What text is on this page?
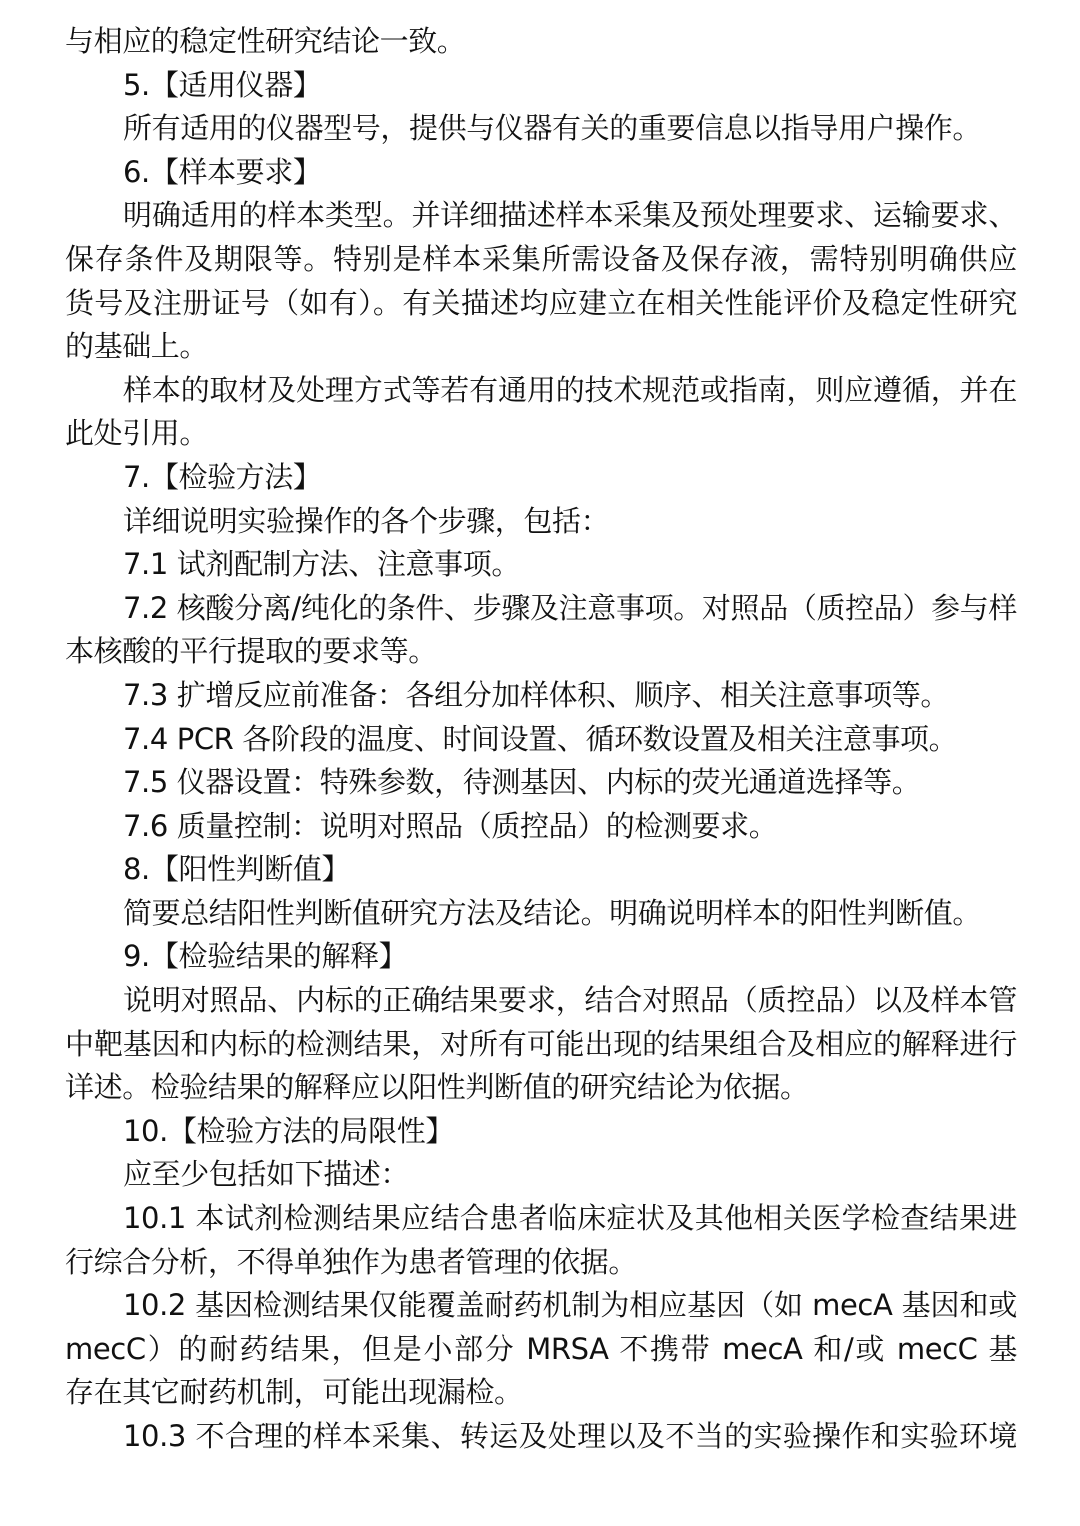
与相应的稳定性研究结论一致。
5.【适用仪器】
所有适用的仪器型号，提供与仪器有关的重要信息以指导用户操作。
6.【样本要求】
明确适用的样本类型。并详细描述样本采集及预处理要求、运输要求、
保存条件及期限等。特别是样本采集所需设备及保存液，需特别明确供应
货号及注册证号（如有）。有关描述均应建立在相关性能评价及稳定性研究
的基础上。
样本的取材及处理方式等若有通用的技术规范或指南，则应遵循，并在
此处引用。
7.【检验方法】
详细说明实验操作的各个步骤，包括：
7.1 试剂配制方法、注意事项。
7.2 核酸分离/纯化的条件、步骤及注意事项。对照品（质控品）参与样
本核酸的平行提取的要求等。
7.3 扩增反应前准备：各组分加样体积、顺序、相关注意事项等。
7.4 PCR 各阶段的温度、时间设置、循环数设置及相关注意事项。
7.5 仪器设置：特殊参数，待测基因、内标的荧光通道选择等。
7.6 质量控制：说明对照品（质控品）的检测要求。
8.【阳性判断值】
简要总结阳性判断值研究方法及结论。明确说明样本的阳性判断值。
9.【检验结果的解释】
说明对照品、内标的正确结果要求，结合对照品（质控品）以及样本管
中靶基因和内标的检测结果，对所有可能出现的结果组合及相应的解释进行
详述。检验结果的解释应以阳性判断值的研究结论为依据。
10.【检验方法的局限性】
应至少包括如下描述：
10.1 本试剂检测结果应结合患者临床症状及其他相关医学检查结果进
行综合分析，不得单独作为患者管理的依据。
10.2 基因检测结果仅能覆盖耐药机制为相应基因（如 mecA 基因和或
mecC）的耐药结果，但是小部分 MRSA 不携带 mecA 和/或 mecC 基
存在其它耐药机制，可能出现漏检。
10.3 不合理的样本采集、转运及处理以及不当的实验操作和实验环境
